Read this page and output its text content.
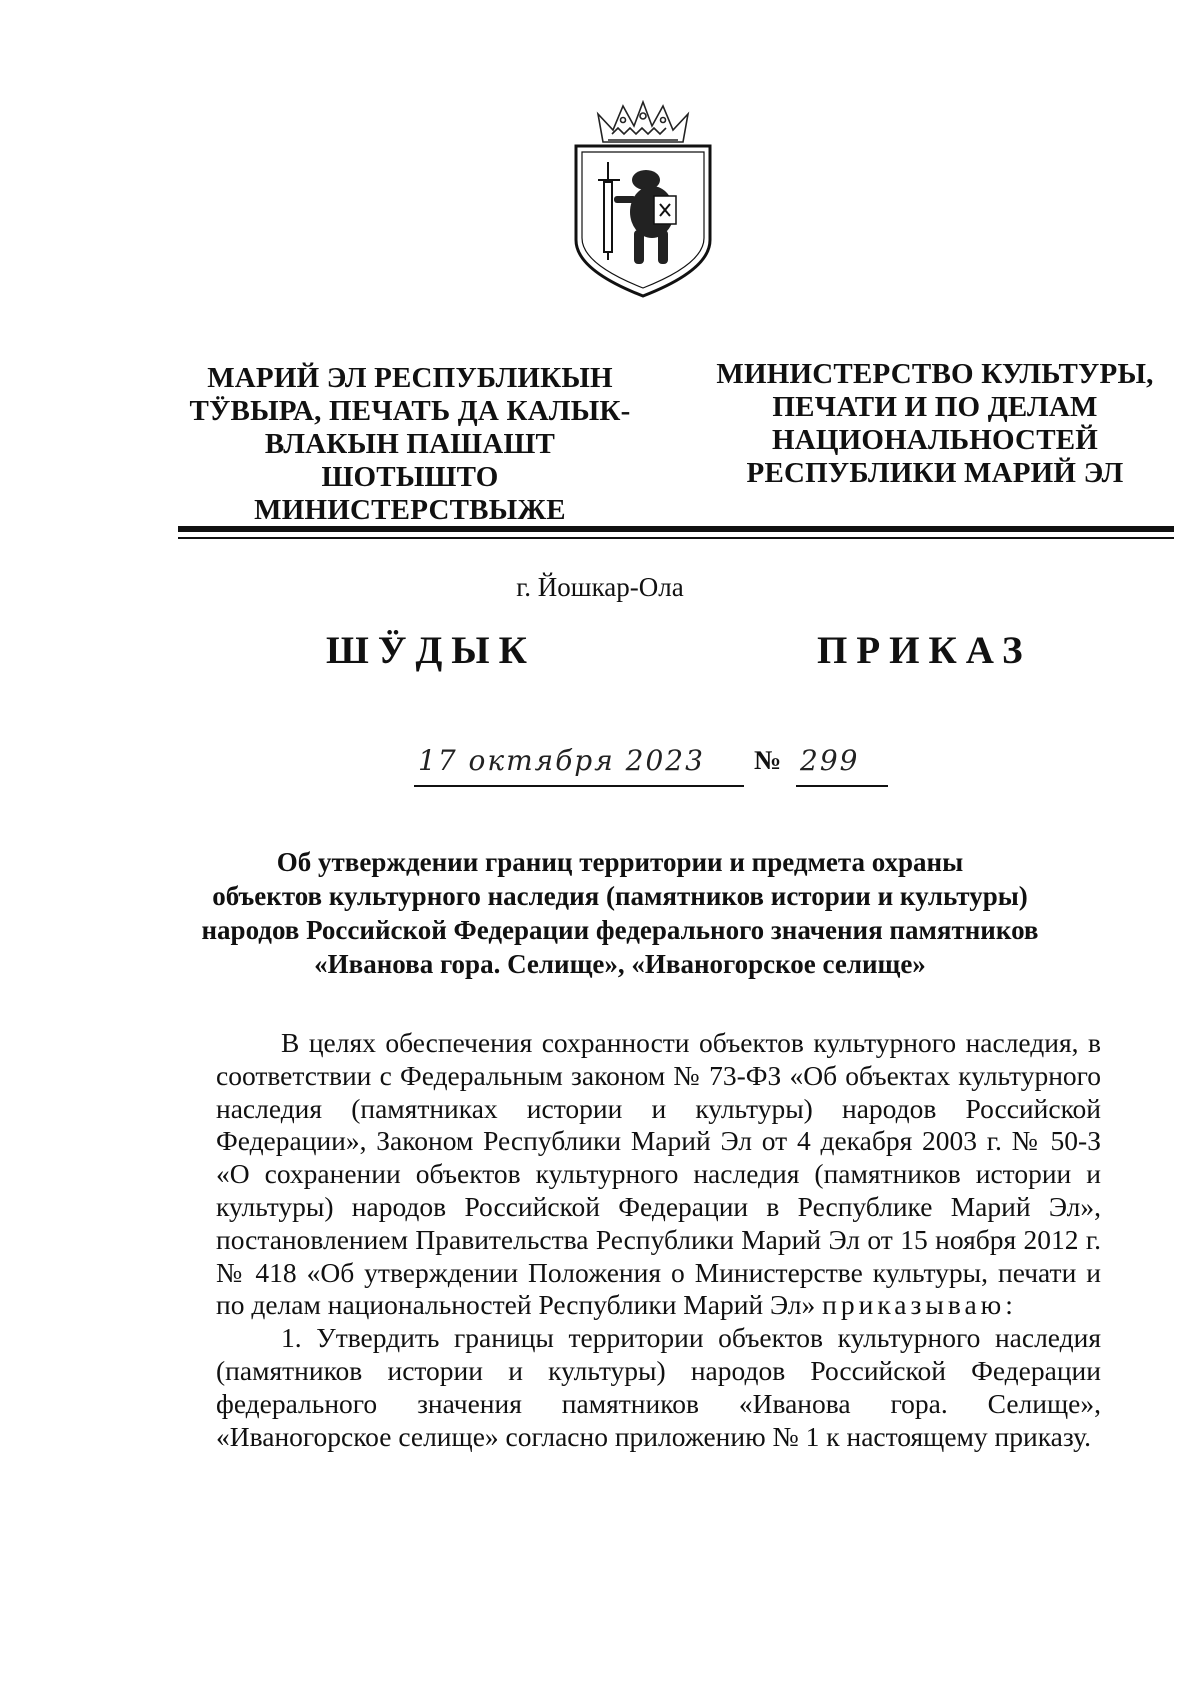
МАРИЙ ЭЛ РЕСПУБЛИКЫН
ТӰВЫРА, ПЕЧАТЬ ДА КАЛЫК-
ВЛАКЫН ПАШАШТ ШОТЫШТО
МИНИСТЕРСТВЫЖЕ
МИНИСТЕРСТВО КУЛЬТУРЫ,
ПЕЧАТИ И ПО ДЕЛАМ
НАЦИОНАЛЬНОСТЕЙ
РЕСПУБЛИКИ МАРИЙ ЭЛ
г. Йошкар-Ола
ШӰДЫК	ПРИКАЗ
17 октября 2023 № 299
Об утверждении границ территории и предмета охраны
объектов культурного наследия (памятников истории и культуры)
народов Российской Федерации федерального значения памятников
«Иванова гора. Селище», «Иваногорское селище»

В целях обеспечения сохранности объектов культурного наследия, в соответствии с Федеральным законом № 73-ФЗ «Об объектах культурного наследия (памятниках истории и культуры) народов Российской Федерации», Законом Республики Марий Эл от 4 декабря 2003 г. № 50-З «О сохранении объектов культурного наследия (памятников истории и культуры) народов Российской Федерации в Республике Марий Эл», постановлением Правительства Республики Марий Эл от 15 ноября 2012 г. № 418 «Об утверждении Положения о Министерстве культуры, печати и по делам национальностей Республики Марий Эл» приказываю:

1. Утвердить границы территории объектов культурного наследия (памятников истории и культуры) народов Российской Федерации федерального значения памятников «Иванова гора. Селище», «Иваногорское селище» согласно приложению № 1 к настоящему приказу.
